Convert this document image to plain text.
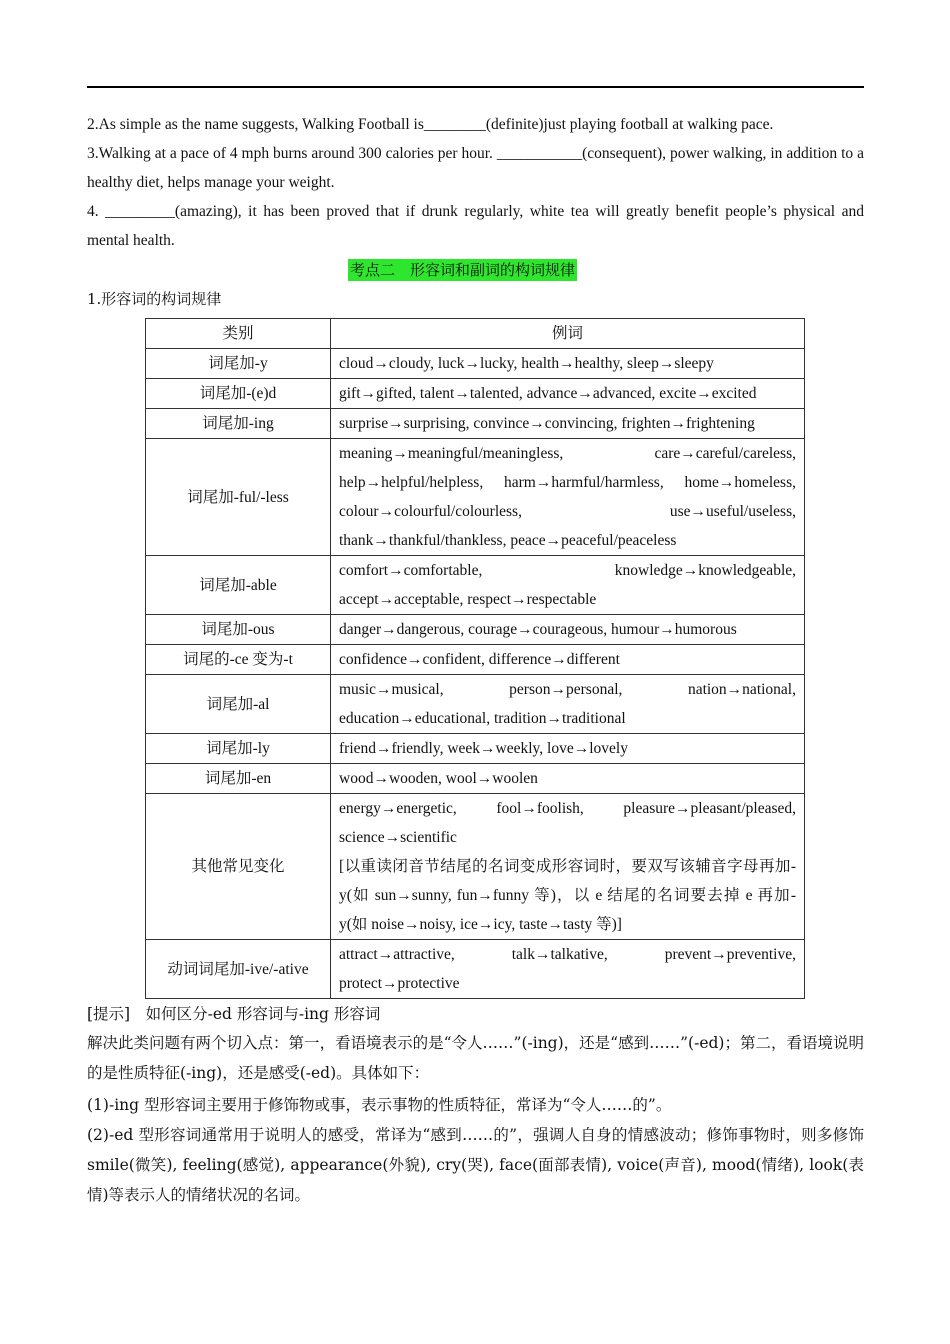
2.As simple as the name suggests, Walking Football is________(definite)just playing football at walking pace.
3.Walking at a pace of 4 mph burns around 300 calories per hour. ___________(consequent), power walking, in addition to a healthy diet, helps manage your weight.
4. _________(amazing), it has been proved that if drunk regularly, white tea will greatly benefit people’s physical and mental health.
考点二　形容词和副词的构词规律
1.形容词的构词规律
类别	例词
词尾加-y	cloud→cloudy, luck→lucky, health→healthy, sleep→sleepy

词尾加-(e)d	gift→gifted, talent→talented, advance→advanced, excite→excited

词尾加-ing	surprise→surprising, convince→convincing, frighten→frightening

词尾加-ful/-less	meaning→meaningful/meaningless, care→careful/careless,
help→helpful/helpless, harm→harmful/harmless, home→homeless,
colour→colourful/colourless, use→useful/useless,
thank→thankful/thankless, peace→peaceful/peaceless

词尾加-able	comfort→comfortable, knowledge→knowledgeable,
accept→acceptable, respect→respectable

词尾加-ous	danger→dangerous, courage→courageous, humour→humorous

词尾的-ce 变为-t	confidence→confident, difference→different

词尾加-al	music→musical, person→personal, nation→national,
education→educational, tradition→traditional

词尾加-ly	friend→friendly, week→weekly, love→lovely

词尾加-en	wood→wooden, wool→woolen

其他常见变化	energy→energetic, fool→foolish, pleasure→pleasant/pleased,
science→scientific
[以重读闭音节结尾的名词变成形容词时，要双写该辅音字母再加-y(如 sun→sunny, fun→funny 等)，以 e 结尾的名词要去掉 e 再加-y(如 noise→noisy, ice→icy, taste→tasty 等)]

动词词尾加-ive/-ative	attract→attractive, talk→talkative, prevent→preventive,
protect→protective
[提示]　如何区分-ed 形容词与-ing 形容词
解决此类问题有两个切入点：第一，看语境表示的是“令人……”(-ing)，还是“感到……”(-ed)；第二，看语境说明的是性质特征(-ing)，还是感受(-ed)。具体如下：
(1)-ing 型形容词主要用于修饰物或事，表示事物的性质特征，常译为“令人……的”。
(2)-ed 型形容词通常用于说明人的感受，常译为“感到……的”，强调人自身的情感波动；修饰事物时，则多修饰 smile(微笑), feeling(感觉), appearance(外貌), cry(哭), face(面部表情), voice(声音), mood(情绪), look(表情)等表示人的情绪状况的名词。
